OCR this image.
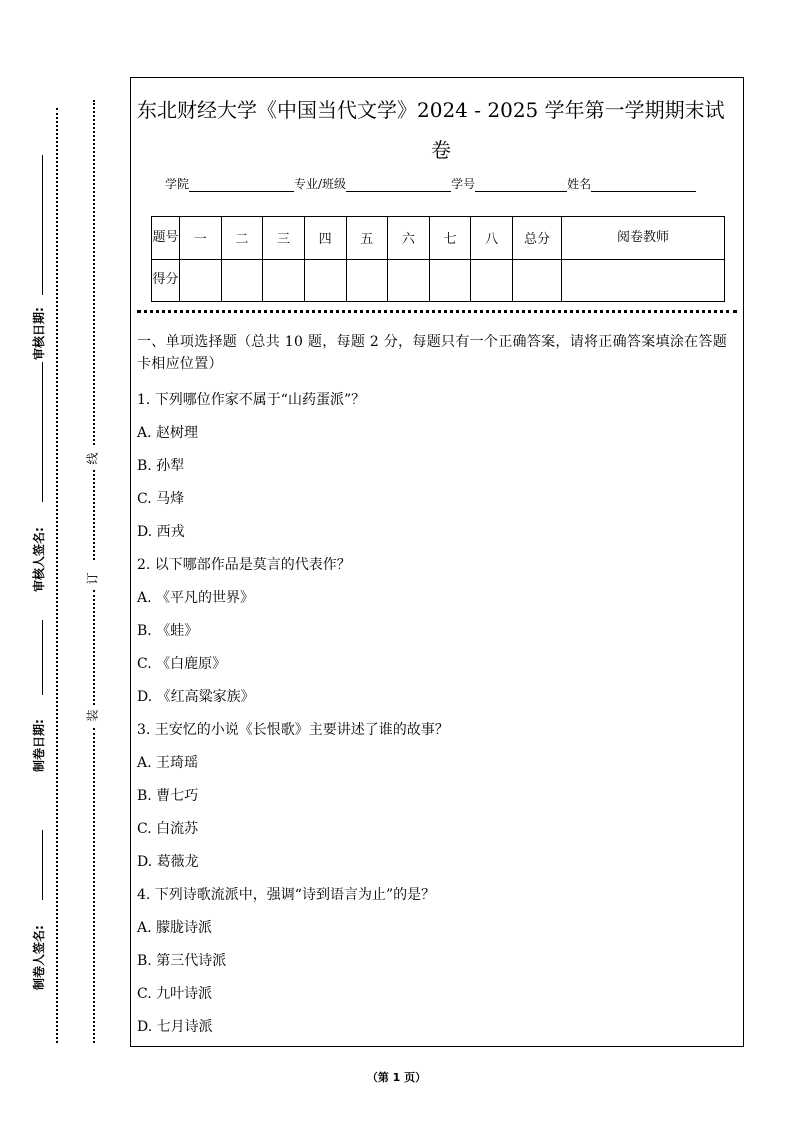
审核日期:
审核人签名:
制卷日期:
制卷人签名:
线
订
装
东北财经大学《中国当代文学》2024 - 2025 学年第一学期期末试
卷
学院	专业/班级	学号	姓名
题号	一	二	三	四	五	六	七	八	总分	阅卷教师
得分										
一、单项选择题（总共 10 题，每题 2 分，每题只有一个正确答案，请将正确答案填涂在答题卡相应位置）
1. 下列哪位作家不属于“山药蛋派”？
A. 赵树理
B. 孙犁
C. 马烽
D. 西戎
2. 以下哪部作品是莫言的代表作？
A. 《平凡的世界》
B. 《蛙》
C. 《白鹿原》
D. 《红高粱家族》
3. 王安忆的小说《长恨歌》主要讲述了谁的故事？
A. 王琦瑶
B. 曹七巧
C. 白流苏
D. 葛薇龙
4. 下列诗歌流派中，强调“诗到语言为止”的是？
A. 朦胧诗派
B. 第三代诗派
C. 九叶诗派
D. 七月诗派
（第 1 页）
